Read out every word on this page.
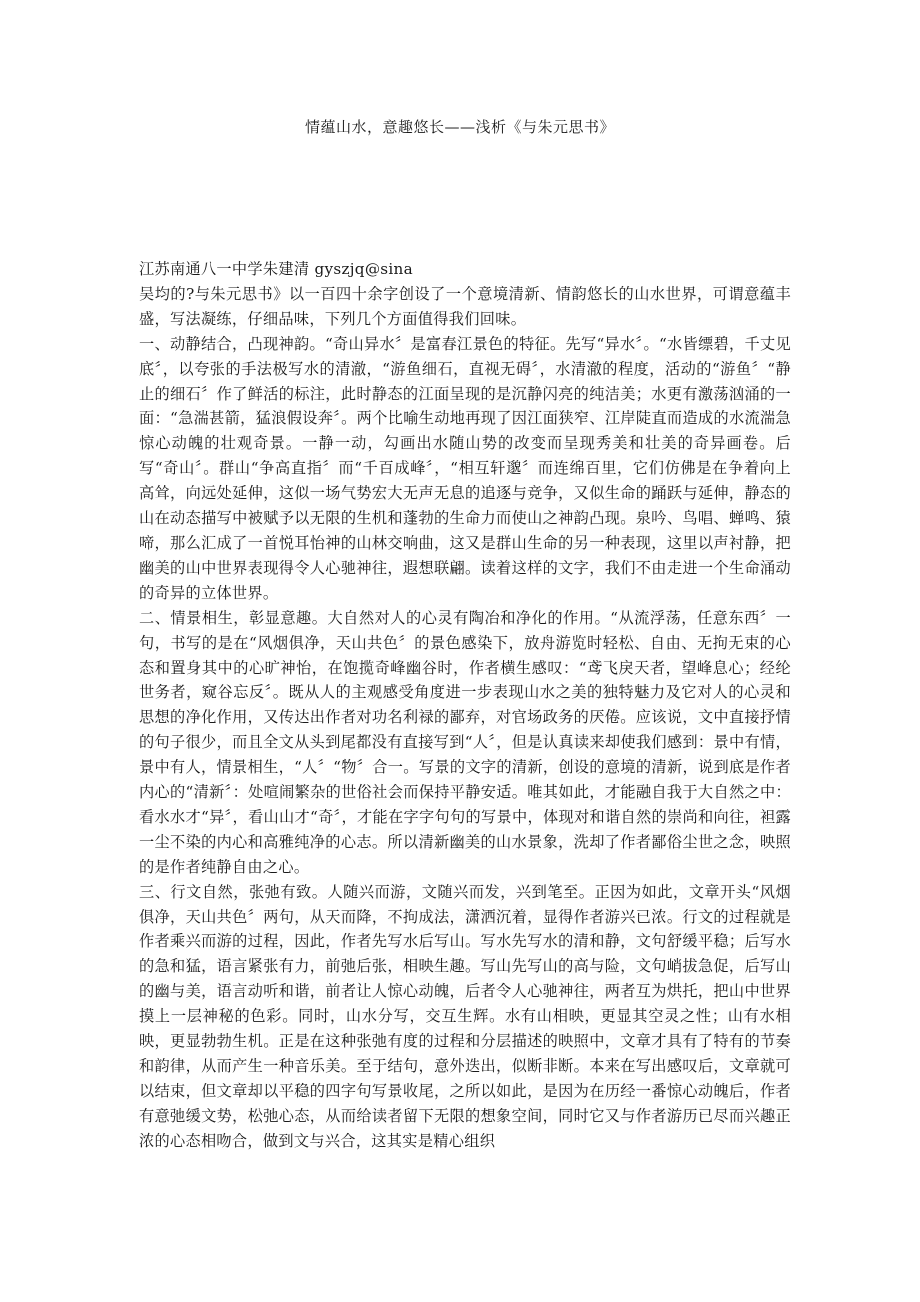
情蕴山水，意趣悠长——浅析《与朱元思书》

江苏南通八一中学朱建清 gyszjq@sina

吴均的?与朱元思书》以一百四十余字创设了一个意境清新、情韵悠长的山水世界，可谓意蕴丰盛，写法凝练，仔细品味，下列几个方面值得我们回味。

一、动静结合，凸现神韵。“奇山异水〞是富春江景色的特征。先写“异水〞。“水皆缥碧，千丈见底〞，以夸张的手法极写水的清澈，“游鱼细石，直视无碍〞，水清澈的程度，活动的“游鱼〞“静止的细石〞作了鲜活的标注，此时静态的江面呈现的是沉静闪亮的纯洁美；水更有激荡汹涌的一面：“急湍甚箭，猛浪假设奔〞。两个比喻生动地再现了因江面狭窄、江岸陡直而造成的水流湍急惊心动魄的壮观奇景。一静一动，勾画出水随山势的改变而呈现秀美和壮美的奇异画卷。后写“奇山〞。群山“争高直指〞而“千百成峰〞，“相互轩邈〞而连绵百里，它们仿佛是在争着向上高耸，向远处延伸，这似一场气势宏大无声无息的追逐与竞争，又似生命的踊跃与延伸，静态的山在动态描写中被赋予以无限的生机和蓬勃的生命力而使山之神韵凸现。泉吟、鸟唱、蝉鸣、猿啼，那么汇成了一首悦耳怡神的山林交响曲，这又是群山生命的另一种表现，这里以声衬静，把幽美的山中世界表现得令人心驰神往，遐想联翩。读着这样的文字，我们不由走进一个生命涌动的奇异的立体世界。

二、情景相生，彰显意趣。大自然对人的心灵有陶冶和净化的作用。“从流浮荡，任意东西〞一句，书写的是在“风烟俱净，天山共色〞的景色感染下，放舟游览时轻松、自由、无拘无束的心态和置身其中的心旷神怡，在饱揽奇峰幽谷时，作者横生感叹：“鸢飞戾天者，望峰息心；经纶世务者，窥谷忘反〞。既从人的主观感受角度进一步表现山水之美的独特魅力及它对人的心灵和思想的净化作用，又传达出作者对功名利禄的鄙弃，对官场政务的厌倦。应该说，文中直接抒情的句子很少，而且全文从头到尾都没有直接写到“人〞，但是认真读来却使我们感到：景中有情，景中有人，情景相生，“人〞“物〞合一。写景的文字的清新，创设的意境的清新，说到底是作者内心的“清新〞：处喧闹繁杂的世俗社会而保持平静安适。唯其如此，才能融自我于大自然之中：看水水才“异〞，看山山才“奇〞，才能在字字句句的写景中，体现对和谐自然的崇尚和向往，袒露一尘不染的内心和高雅纯净的心志。所以清新幽美的山水景象，洗却了作者鄙俗尘世之念，映照的是作者纯静自由之心。

三、行文自然，张弛有致。人随兴而游，文随兴而发，兴到笔至。正因为如此，文章开头“风烟俱净，天山共色〞两句，从天而降，不拘成法，潇洒沉着，显得作者游兴已浓。行文的过程就是作者乘兴而游的过程，因此，作者先写水后写山。写水先写水的清和静，文句舒缓平稳；后写水的急和猛，语言紧张有力，前弛后张，相映生趣。写山先写山的高与险，文句峭拔急促，后写山的幽与美，语言动听和谐，前者让人惊心动魄，后者令人心驰神往，两者互为烘托，把山中世界摸上一层神秘的色彩。同时，山水分写，交互生辉。水有山相映，更显其空灵之性；山有水相映，更显勃勃生机。正是在这种张弛有度的过程和分层描述的映照中，文章才具有了特有的节奏和韵律，从而产生一种音乐美。至于结句，意外迭出，似断非断。本来在写出感叹后，文章就可以结束，但文章却以平稳的四字句写景收尾，之所以如此，是因为在历经一番惊心动魄后，作者有意弛缓文势，松弛心态，从而给读者留下无限的想象空间，同时它又与作者游历已尽而兴趣正浓的心态相吻合，做到文与兴合，这其实是精心组织
